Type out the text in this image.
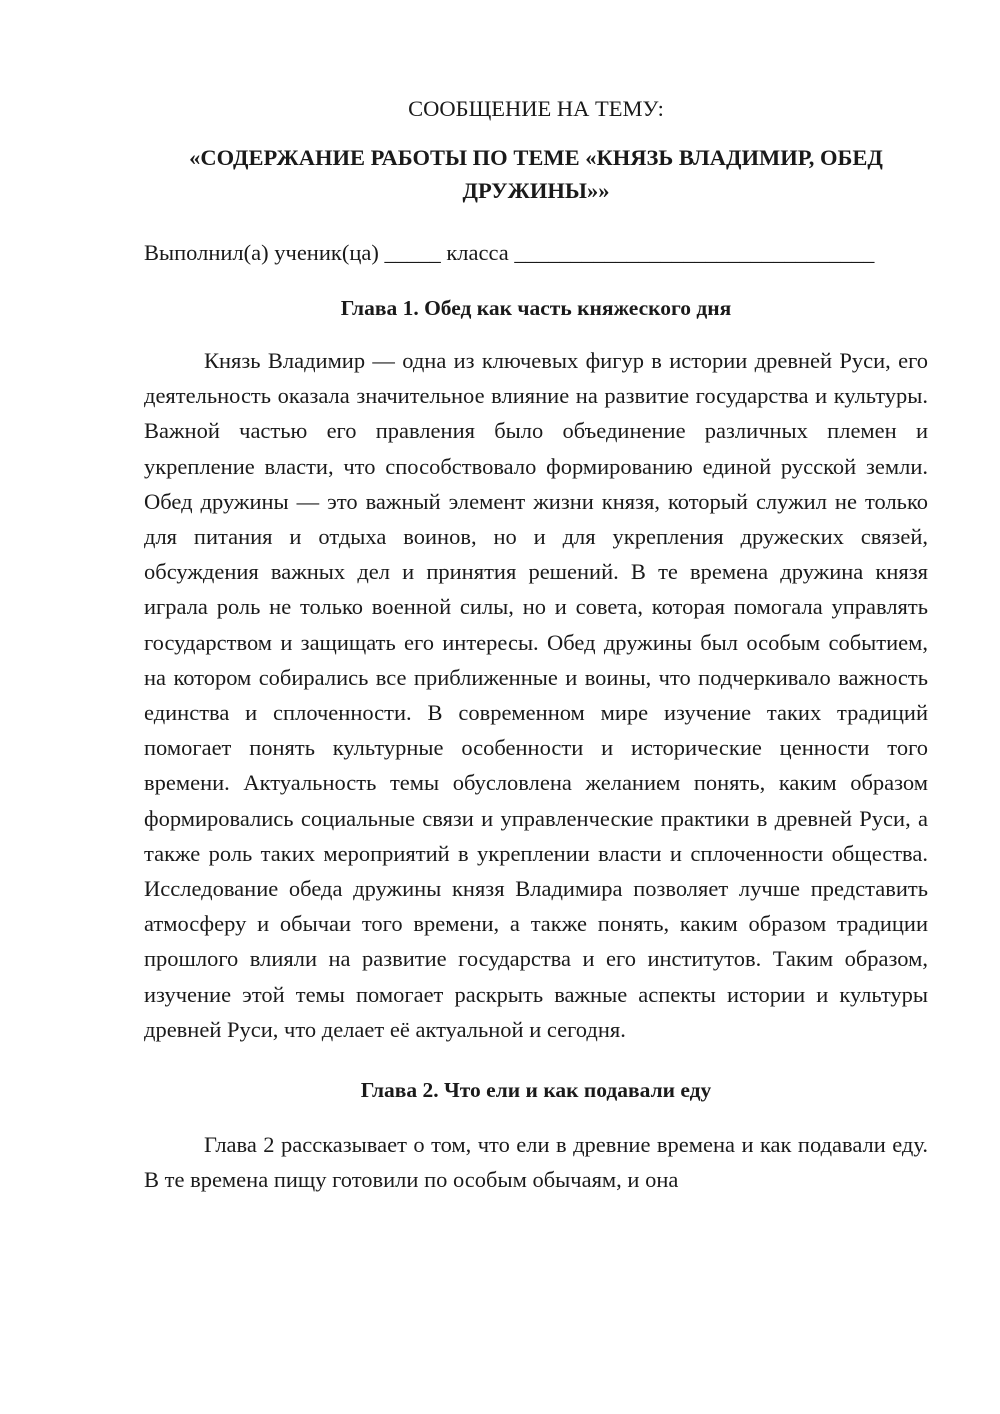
СООБЩЕНИЕ НА ТЕМУ:

«СОДЕРЖАНИЕ РАБОТЫ ПО ТЕМЕ «КНЯЗЬ ВЛАДИМИР, ОБЕД ДРУЖИНЫ»»

Выполнил(а) ученик(ца) _____ класса ________________________________

Глава 1. Обед как часть княжеского дня

Князь Владимир — одна из ключевых фигур в истории древней Руси, его деятельность оказала значительное влияние на развитие государства и культуры. Важной частью его правления было объединение различных племен и укрепление власти, что способствовало формированию единой русской земли. Обед дружины — это важный элемент жизни князя, который служил не только для питания и отдыха воинов, но и для укрепления дружеских связей, обсуждения важных дел и принятия решений. В те времена дружина князя играла роль не только военной силы, но и совета, которая помогала управлять государством и защищать его интересы. Обед дружины был особым событием, на котором собирались все приближенные и воины, что подчеркивало важность единства и сплоченности. В современном мире изучение таких традиций помогает понять культурные особенности и исторические ценности того времени. Актуальность темы обусловлена желанием понять, каким образом формировались социальные связи и управленческие практики в древней Руси, а также роль таких мероприятий в укреплении власти и сплоченности общества. Исследование обеда дружины князя Владимира позволяет лучше представить атмосферу и обычаи того времени, а также понять, каким образом традиции прошлого влияли на развитие государства и его институтов. Таким образом, изучение этой темы помогает раскрыть важные аспекты истории и культуры древней Руси, что делает её актуальной и сегодня.

Глава 2. Что ели и как подавали еду

Глава 2 рассказывает о том, что ели в древние времена и как подавали еду. В те времена пищу готовили по особым обычаям, и она
